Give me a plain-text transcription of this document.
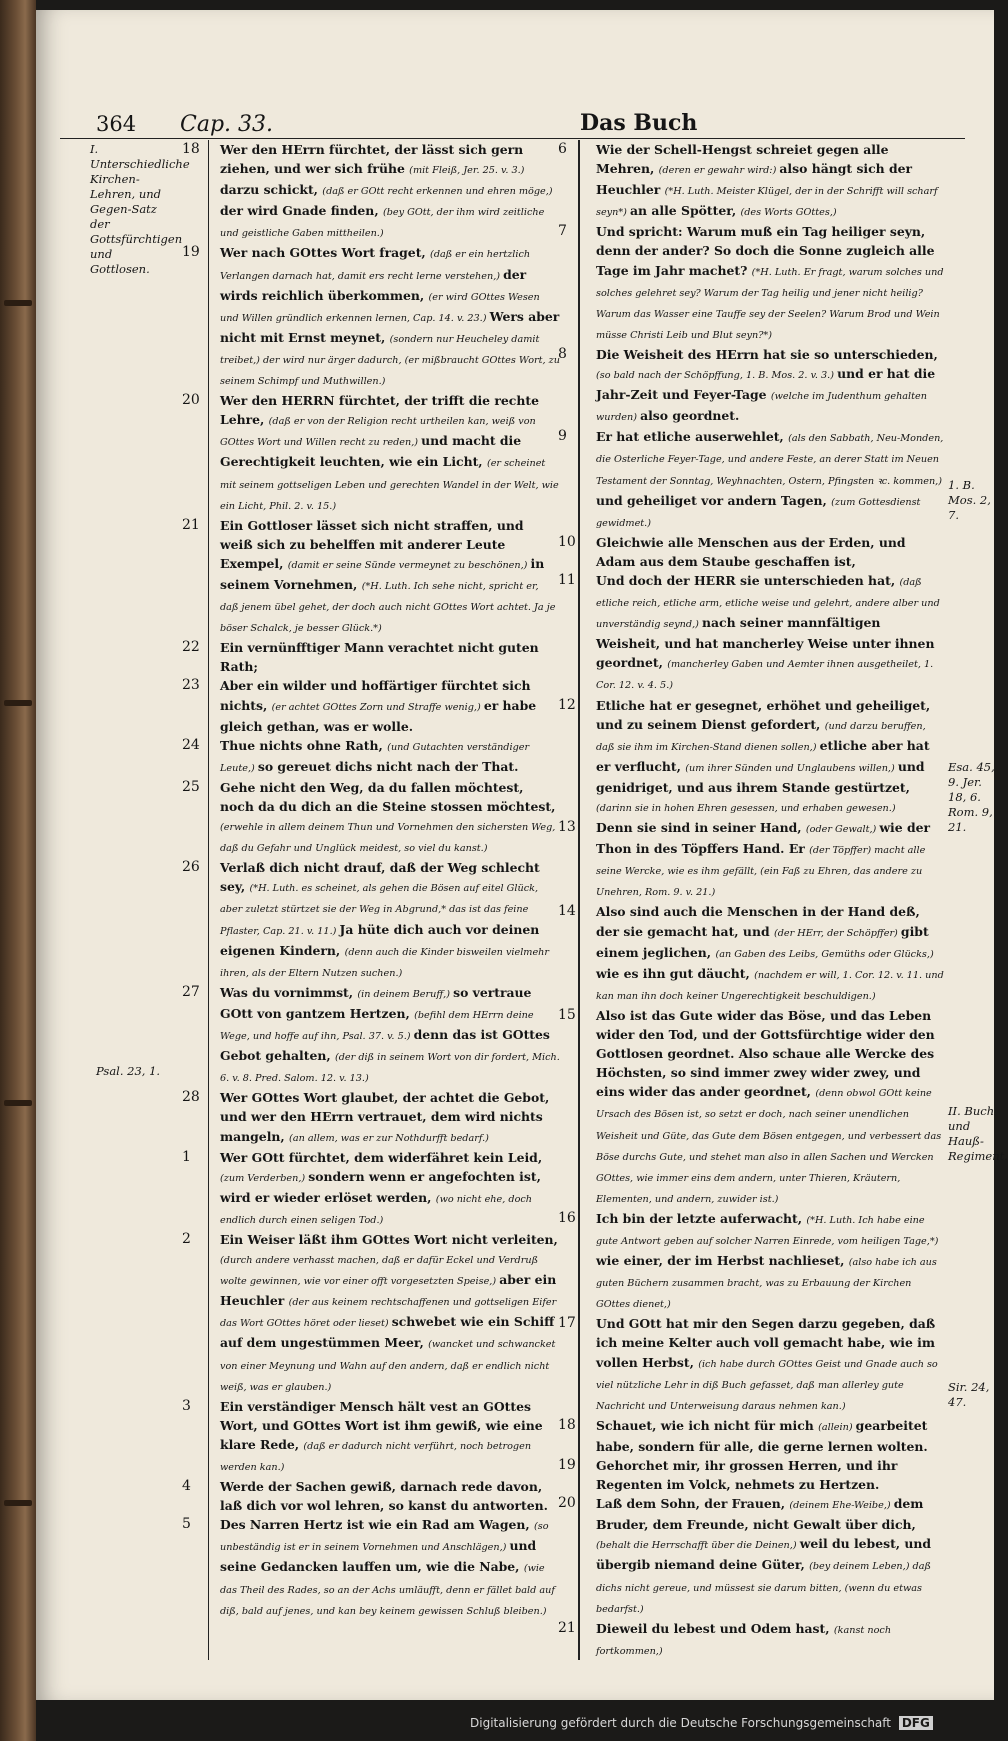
364 Cap. 33.	Das Buch
I. Unterschiedliche Kirchen-Lehren, und Gegen-Satz der Gottsfürchtigen und Gottlosen.
Psal. 23, 1.
1. B. Mos. 2, 7.
Esa. 45, 9. Jer. 18, 6. Rom. 9, 21.
II. Buch und Hauß-Regiment.
Sir. 24, 47.

18 Wer den HErrn fürchtet, der lässt sich gern ziehen, und wer sich frühe (mit Fleiß, Jer. 25. v. 3.) darzu schickt, (daß er GOtt recht erkennen und ehren möge,) der wird Gnade finden, (bey GOtt, der ihm wird zeitliche und geistliche Gaben mittheilen.)

19 Wer nach GOttes Wort fraget, (daß er ein hertzlich Verlangen darnach hat, damit ers recht lerne verstehen,) der wirds reichlich überkommen, (er wird GOttes Wesen und Willen gründlich erkennen lernen, Cap. 14. v. 23.) Wers aber nicht mit Ernst meynet, (sondern nur Heucheley damit treibet,) der wird nur ärger dadurch, (er mißbraucht GOttes Wort, zu seinem Schimpf und Muthwillen.)

20 Wer den HERRN fürchtet, der trifft die rechte Lehre, (daß er von der Religion recht urtheilen kan, weiß von GOttes Wort und Willen recht zu reden,) und macht die Gerechtigkeit leuchten, wie ein Licht, (er scheinet mit seinem gottseligen Leben und gerechten Wandel in der Welt, wie ein Licht, Phil. 2. v. 15.)

21 Ein Gottloser lässet sich nicht straffen, und weiß sich zu behelffen mit anderer Leute Exempel, (damit er seine Sünde vermeynet zu beschönen,) in seinem Vornehmen, (*H. Luth. Ich sehe nicht, spricht er, daß jenem übel gehet, der doch auch nicht GOttes Wort achtet. Ja je böser Schalck, je besser Glück.*)

22 Ein vernünfftiger Mann verachtet nicht guten Rath;

23 Aber ein wilder und hoffärtiger fürchtet sich nichts, (er achtet GOttes Zorn und Straffe wenig,) er habe gleich gethan, was er wolle.

24 Thue nichts ohne Rath, (und Gutachten verständiger Leute,) so gereuet dichs nicht nach der That.

25 Gehe nicht den Weg, da du fallen möchtest, noch da du dich an die Steine stossen möchtest, (erwehle in allem deinem Thun und Vornehmen den sichersten Weg, daß du Gefahr und Unglück meidest, so viel du kanst.)

26 Verlaß dich nicht drauf, daß der Weg schlecht sey, (*H. Luth. es scheinet, als gehen die Bösen auf eitel Glück, aber zuletzt stürtzet sie der Weg in Abgrund,* das ist das feine Pflaster, Cap. 21. v. 11.) Ja hüte dich auch vor deinen eigenen Kindern, (denn auch die Kinder bisweilen vielmehr ihren, als der Eltern Nutzen suchen.)

27 Was du vornimmst, (in deinem Beruff,) so vertraue GOtt von gantzem Hertzen, (befihl dem HErrn deine Wege, und hoffe auf ihn, Psal. 37. v. 5.) denn das ist GOttes Gebot gehalten, (der diß in seinem Wort von dir fordert, Mich. 6. v. 8. Pred. Salom. 12. v. 13.)

28 Wer GOttes Wort glaubet, der achtet die Gebot, und wer den HErrn vertrauet, dem wird nichts mangeln, (an allem, was er zur Nothdurfft bedarf.)

1 Wer GOtt fürchtet, dem widerfähret kein Leid, (zum Verderben,) sondern wenn er angefochten ist, wird er wieder erlöset werden, (wo nicht ehe, doch endlich durch einen seligen Tod.)

2 Ein Weiser läßt ihm GOttes Wort nicht verleiten, (durch andere verhasst machen, daß er dafür Eckel und Verdruß wolte gewinnen, wie vor einer offt vorgesetzten Speise,) aber ein Heuchler (der aus keinem rechtschaffenen und gottseligen Eifer das Wort GOttes höret oder lieset) schwebet wie ein Schiff auf dem ungestümmen Meer, (wancket und schwancket von einer Meynung und Wahn auf den andern, daß er endlich nicht weiß, was er glauben.)

3 Ein verständiger Mensch hält vest an GOttes Wort, und GOttes Wort ist ihm gewiß, wie eine klare Rede, (daß er dadurch nicht verführt, noch betrogen werden kan.)

4 Werde der Sachen gewiß, darnach rede davon, laß dich vor wol lehren, so kanst du antworten.

5 Des Narren Hertz ist wie ein Rad am Wagen, (so unbeständig ist er in seinem Vornehmen und Anschlägen,) und seine Gedancken lauffen um, wie die Nabe, (wie das Theil des Rades, so an der Achs umläufft, denn er fället bald auf diß, bald auf jenes, und kan bey keinem gewissen Schluß bleiben.)

6 Wie der Schell-Hengst schreiet gegen alle Mehren, (deren er gewahr wird:) also hängt sich der Heuchler (*H. Luth. Meister Klügel, der in der Schrifft will scharf seyn*) an alle Spötter, (des Worts GOttes,)

7 Und spricht: Warum muß ein Tag heiliger seyn, denn der ander? So doch die Sonne zugleich alle Tage im Jahr machet? (*H. Luth. Er fragt, warum solches und solches gelehret sey? Warum der Tag heilig und jener nicht heilig? Warum das Wasser eine Tauffe sey der Seelen? Warum Brod und Wein müsse Christi Leib und Blut seyn?*)

8 Die Weisheit des HErrn hat sie so unterschieden, (so bald nach der Schöpffung, 1. B. Mos. 2. v. 3.) und er hat die Jahr-Zeit und Feyer-Tage (welche im Judenthum gehalten wurden) also geordnet.

9 Er hat etliche auserwehlet, (als den Sabbath, Neu-Monden, die Osterliche Feyer-Tage, und andere Feste, an derer Statt im Neuen Testament der Sonntag, Weyhnachten, Ostern, Pfingsten ꝛc. kommen,) und geheiliget vor andern Tagen, (zum Gottesdienst gewidmet.)

10 Gleichwie alle Menschen aus der Erden, und Adam aus dem Staube geschaffen ist,

11 Und doch der HERR sie unterschieden hat, (daß etliche reich, etliche arm, etliche weise und gelehrt, andere alber und unverständig seynd,) nach seiner mannfältigen Weisheit, und hat mancherley Weise unter ihnen geordnet, (mancherley Gaben und Aemter ihnen ausgetheilet, 1. Cor. 12. v. 4. 5.)

12 Etliche hat er gesegnet, erhöhet und geheiliget, und zu seinem Dienst gefordert, (und darzu beruffen, daß sie ihm im Kirchen-Stand dienen sollen,) etliche aber hat er verflucht, (um ihrer Sünden und Unglaubens willen,) und genidriget, und aus ihrem Stande gestürtzet, (darinn sie in hohen Ehren gesessen, und erhaben gewesen.)

13 Denn sie sind in seiner Hand, (oder Gewalt,) wie der Thon in des Töpffers Hand. Er (der Töpffer) macht alle seine Wercke, wie es ihm gefällt, (ein Faß zu Ehren, das andere zu Unehren, Rom. 9. v. 21.)

14 Also sind auch die Menschen in der Hand deß, der sie gemacht hat, und (der HErr, der Schöpffer) gibt einem jeglichen, (an Gaben des Leibs, Gemüths oder Glücks,) wie es ihn gut däucht, (nachdem er will, 1. Cor. 12. v. 11. und kan man ihn doch keiner Ungerechtigkeit beschuldigen.)

15 Also ist das Gute wider das Böse, und das Leben wider den Tod, und der Gottsfürchtige wider den Gottlosen geordnet. Also schaue alle Wercke des Höchsten, so sind immer zwey wider zwey, und eins wider das ander geordnet, (denn obwol GOtt keine Ursach des Bösen ist, so setzt er doch, nach seiner unendlichen Weisheit und Güte, das Gute dem Bösen entgegen, und verbessert das Böse durchs Gute, und stehet man also in allen Sachen und Wercken GOttes, wie immer eins dem andern, unter Thieren, Kräutern, Elementen, und andern, zuwider ist.)

16 Ich bin der letzte auferwacht, (*H. Luth. Ich habe eine gute Antwort geben auf solcher Narren Einrede, vom heiligen Tage,*) wie einer, der im Herbst nachlieset, (also habe ich aus guten Büchern zusammen bracht, was zu Erbauung der Kirchen GOttes dienet,)

17 Und GOtt hat mir den Segen darzu gegeben, daß ich meine Kelter auch voll gemacht habe, wie im vollen Herbst, (ich habe durch GOttes Geist und Gnade auch so viel nützliche Lehr in diß Buch gefasset, daß man allerley gute Nachricht und Unterweisung daraus nehmen kan.)

18 Schauet, wie ich nicht für mich (allein) gearbeitet habe, sondern für alle, die gerne lernen wolten.

19 Gehorchet mir, ihr grossen Herren, und ihr Regenten im Volck, nehmets zu Hertzen.

20 Laß dem Sohn, der Frauen, (deinem Ehe-Weibe,) dem Bruder, dem Freunde, nicht Gewalt über dich, (behalt die Herrschafft über die Deinen,) weil du lebest, und übergib niemand deine Güter, (bey deinem Leben,) daß dichs nicht gereue, und müssest sie darum bitten, (wenn du etwas bedarfst.)

21 Dieweil du lebest und Odem hast, (kanst noch fortkommen,)

Digitalisierung gefördert durch die Deutsche Forschungsgemeinschaft DFG
